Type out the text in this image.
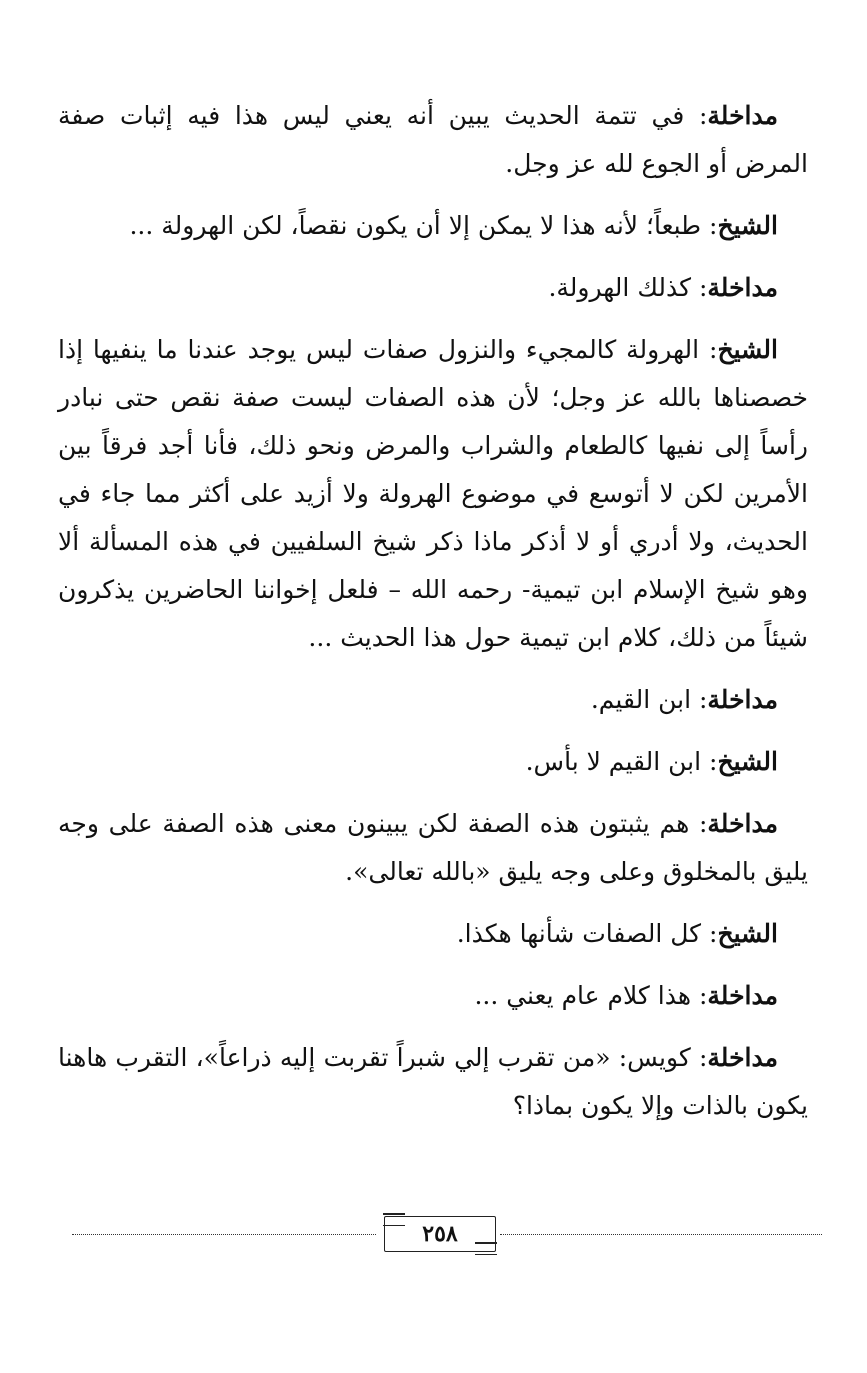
مداخلة: في تتمة الحديث يبين أنه يعني ليس هذا فيه إثبات صفة المرض أو الجوع لله عز وجل.

الشيخ: طبعاً؛ لأنه هذا لا يمكن إلا أن يكون نقصاً، لكن الهرولة ...

مداخلة: كذلك الهرولة.

الشيخ: الهرولة كالمجيء والنزول صفات ليس يوجد عندنا ما ينفيها إذا خصصناها بالله عز وجل؛ لأن هذه الصفات ليست صفة نقص حتى نبادر رأساً إلى نفيها كالطعام والشراب والمرض ونحو ذلك، فأنا أجد فرقاً بين الأمرين لكن لا أتوسع في موضوع الهرولة ولا أزيد على أكثر مما جاء في الحديث، ولا أدري أو لا أذكر ماذا ذكر شيخ السلفيين في هذه المسألة ألا وهو شيخ الإسلام ابن تيمية- رحمه الله – فلعل إخواننا الحاضرين يذكرون شيئاً من ذلك، كلام ابن تيمية حول هذا الحديث ...

مداخلة: ابن القيم.

الشيخ: ابن القيم لا بأس.

مداخلة: هم يثبتون هذه الصفة لكن يبينون معنى هذه الصفة على وجه يليق بالمخلوق وعلى وجه يليق «بالله تعالى».

الشيخ: كل الصفات شأنها هكذا.

مداخلة: هذا كلام عام يعني ...

مداخلة: كويس: «من تقرب إلي شبراً تقربت إليه ذراعاً»، التقرب هاهنا يكون بالذات وإلا يكون بماذا؟

٢٥٨
